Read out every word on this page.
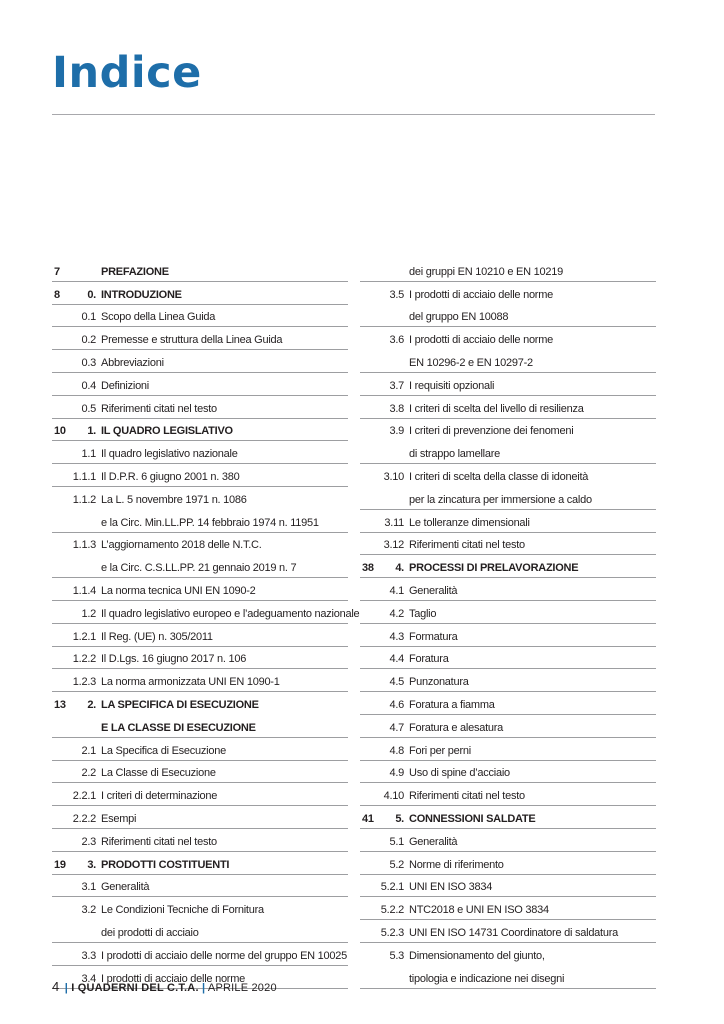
Indice
7	PREFAZIONE
8	0. INTRODUZIONE
0.1 Scopo della Linea Guida
0.2 Premesse e struttura della Linea Guida
0.3 Abbreviazioni
0.4 Definizioni
0.5 Riferimenti citati nel testo
10	1. IL QUADRO LEGISLATIVO
1.1 Il quadro legislativo nazionale
1.1.1 Il D.P.R. 6 giugno 2001 n. 380
1.1.2 La L. 5 novembre 1971 n. 1086
e la Circ. Min.LL.PP. 14 febbraio 1974 n. 11951
1.1.3 L’aggiornamento 2018 delle N.T.C.
e la Circ. C.S.LL.PP. 21 gennaio 2019 n. 7
1.1.4 La norma tecnica UNI EN 1090-2
1.2 Il quadro legislativo europeo e l’adeguamento nazionale
1.2.1 Il Reg. (UE) n. 305/2011
1.2.2 Il D.Lgs. 16 giugno 2017 n. 106
1.2.3 La norma armonizzata UNI EN 1090-1
13	2. LA SPECIFICA DI ESECUZIONE
E LA CLASSE DI ESECUZIONE
2.1 La Specifica di Esecuzione
2.2 La Classe di Esecuzione
2.2.1 I criteri di determinazione
2.2.2 Esempi
2.3 Riferimenti citati nel testo
19	3. PRODOTTI COSTITUENTI
3.1 Generalità
3.2 Le Condizioni Tecniche di Fornitura
dei prodotti di acciaio
3.3 I prodotti di acciaio delle norme del gruppo EN 10025
3.4 I prodotti di acciaio delle norme
dei gruppi EN 10210 e EN 10219
3.5 I prodotti di acciaio delle norme
del gruppo EN 10088
3.6 I prodotti di acciaio delle norme
EN 10296-2 e EN 10297-2
3.7 I requisiti opzionali
3.8 I criteri di scelta del livello di resilienza
3.9 I criteri di prevenzione dei fenomeni
di strappo lamellare
3.10 I criteri di scelta della classe di idoneità
per la zincatura per immersione a caldo
3.11 Le tolleranze dimensionali
3.12 Riferimenti citati nel testo
38	4. PROCESSI DI PRELAVORAZIONE
4.1 Generalità
4.2 Taglio
4.3 Formatura
4.4 Foratura
4.5 Punzonatura
4.6 Foratura a fiamma
4.7 Foratura e alesatura
4.8 Fori per perni
4.9 Uso di spine d’acciaio
4.10 Riferimenti citati nel testo
41	5. CONNESSIONI SALDATE
5.1 Generalità
5.2 Norme di riferimento
5.2.1 UNI EN ISO 3834
5.2.2 NTC2018 e UNI EN ISO 3834
5.2.3 UNI EN ISO 14731 Coordinatore di saldatura
5.3 Dimensionamento del giunto,
tipologia e indicazione nei disegni
4 | I QUADERNI DEL C.T.A. | APRILE 2020
